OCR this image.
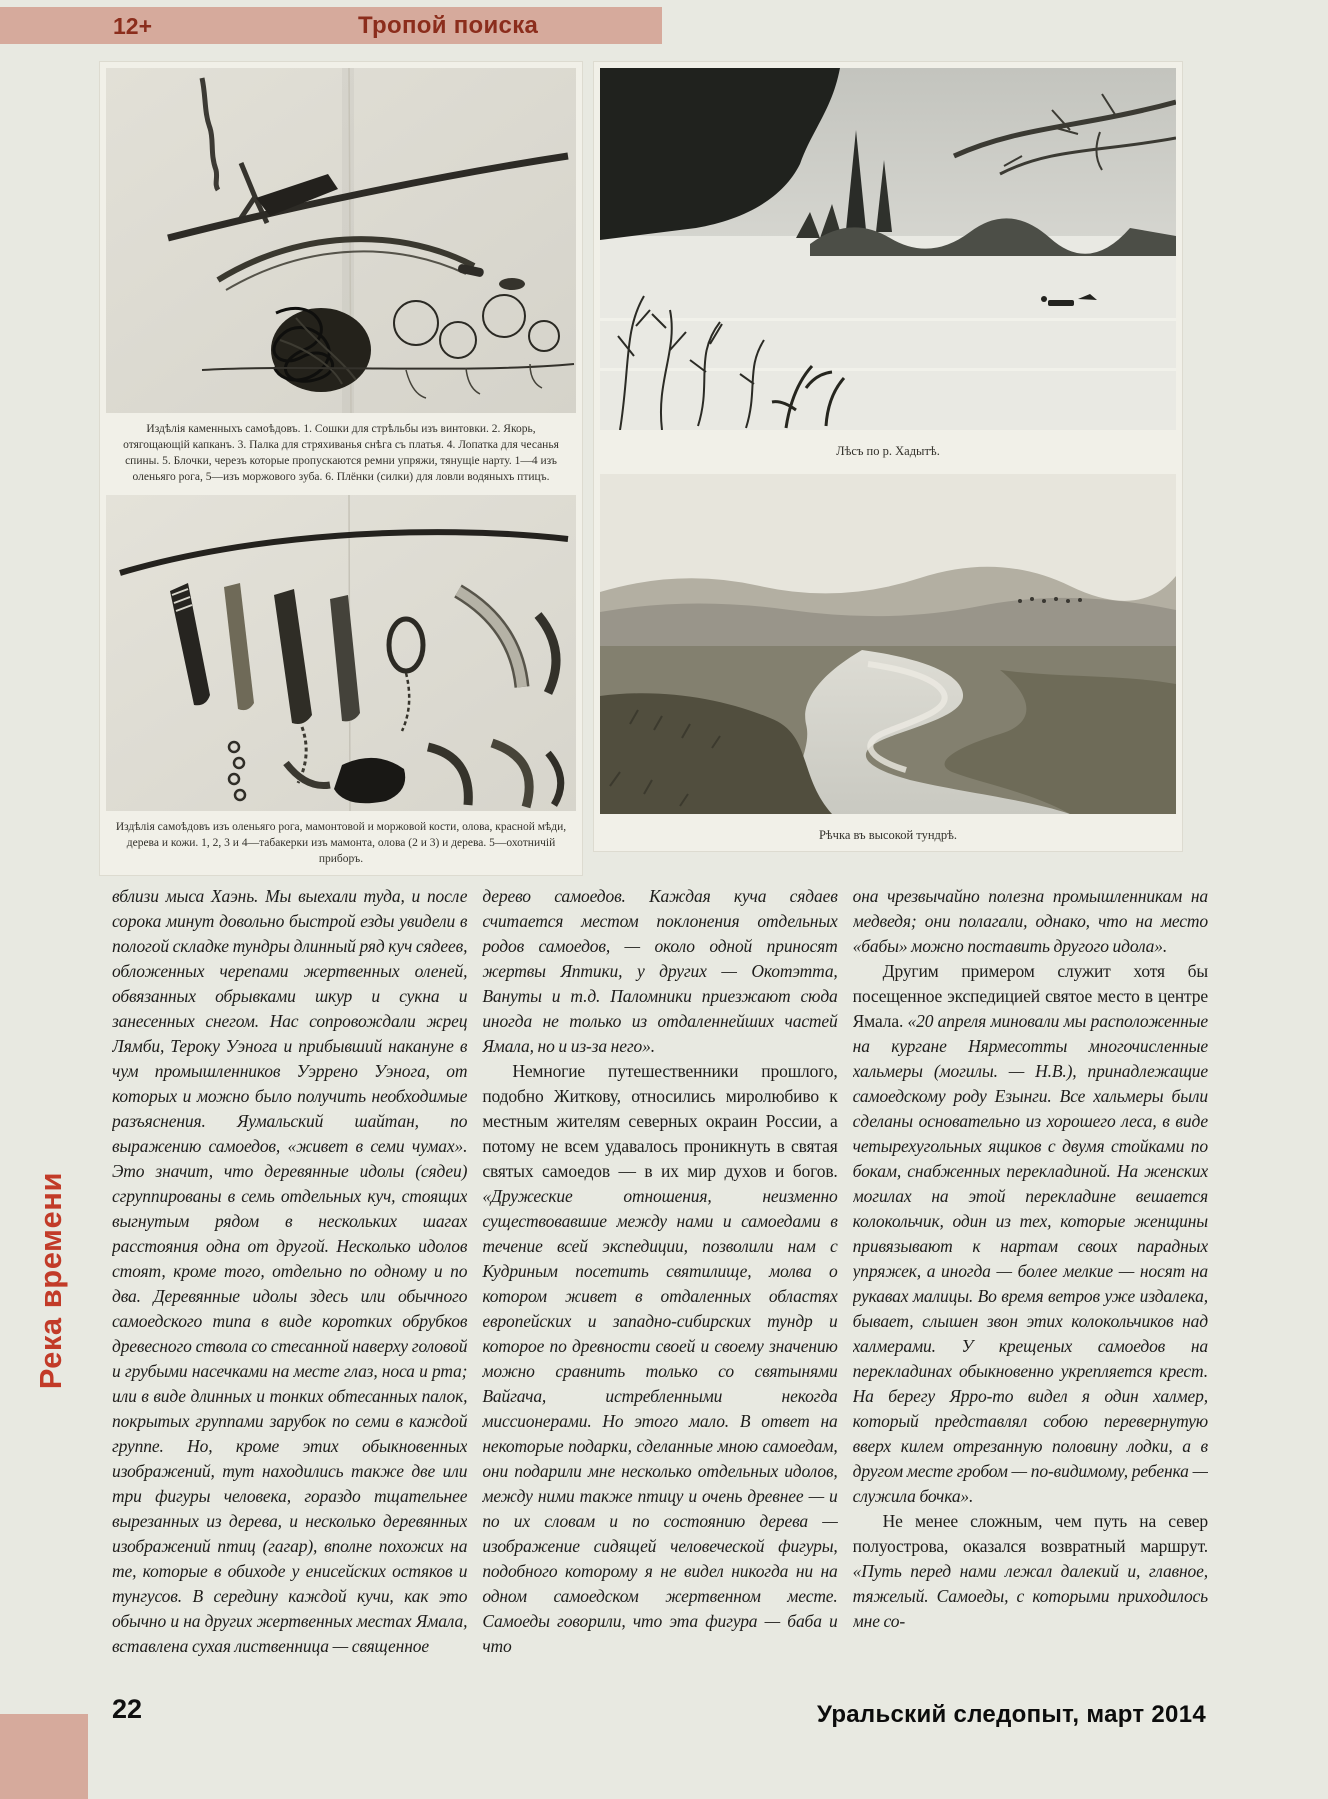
12+	Тропой поиска
Издѣлія каменныхъ самоѣдовъ. 1. Сошки для стрѣльбы изъ винтовки. 2. Якорь, отягощающій капканъ. 3. Палка для стряхиванья снѣга съ платья. 4. Лопатка для чесанья спины. 5. Блочки, черезъ которые пропускаются ремни упряжи, тянущіе нарту. 1—4 изъ оленьяго рога, 5—изъ моржового зуба. 6. Плёнки (силки) для ловли водяныхъ птицъ.
Издѣлія самоѣдовъ изъ оленьяго рога, мамонтовой и моржовой кости, олова, красной мѣди, дерева и кожи. 1, 2, 3 и 4—табакерки изъ мамонта, олова (2 и 3) и дерева. 5—охотничій приборъ.
Лѣсъ по р. Хадытѣ.
Рѣчка въ высокой тундрѣ.
Река времени

вблизи мыса Хаэнь. Мы выехали туда, и после сорока минут довольно быстрой езды увидели в пологой складке тундры длинный ряд куч сядеев, обложенных черепами жертвенных оленей, обвязанных обрывками шкур и сукна и занесенных снегом. Нас сопровождали жрец Лямби, Тероку Уэнога и прибывший накануне в чум промышленников Уэррено Уэнога, от которых и можно было получить необходимые разъяснения. Яумальский шайтан, по выражению самоедов, «живет в семи чумах». Это значит, что деревянные идолы (сядеи) сгруппированы в семь отдельных куч, стоящих выгнутым рядом в нескольких шагах расстояния одна от другой. Несколько идолов стоят, кроме того, отдельно по одному и по два. Деревянные идолы здесь или обычного самоедского типа в виде коротких обрубков древесного ствола со стесанной наверху головой и грубыми насечками на месте глаз, носа и рта; или в виде длинных и тонких обтесанных палок, покрытых группами зарубок по семи в каждой группе. Но, кроме этих обыкновенных изображений, тут находились также две или три фигуры человека, гораздо тщательнее вырезанных из дерева, и несколько деревянных изображений птиц (гагар), вполне похожих на те, которые в обиходе у енисейских остяков и тунгусов. В середину каждой кучи, как это обычно и на других жертвенных местах Ямала, вставлена сухая лиственница — священное

дерево самоедов. Каждая куча сядаев считается местом поклонения отдельных родов самоедов, — около одной приносят жертвы Яптики, у других — Окотэтта, Вануты и т.д. Паломники приезжают сюда иногда не только из отдаленнейших частей Ямала, но и из-за него».

Немногие путешественники прошлого, подобно Житкову, относились миролюбиво к местным жителям северных окраин России, а потому не всем удавалось проникнуть в святая святых самоедов — в их мир духов и богов. «Дружеские отношения, неизменно существовавшие между нами и самоедами в течение всей экспедиции, позволили нам с Кудриным посетить святилище, молва о котором живет в отдаленных областях европейских и западно-сибирских тундр и которое по древности своей и своему значению можно сравнить только со святынями Вайгача, истребленными некогда миссионерами. Но этого мало. В ответ на некоторые подарки, сделанные мною самоедам, они подарили мне несколько отдельных идолов, между ними также птицу и очень древнее — и по их словам и по состоянию дерева — изображение сидящей человеческой фигуры, подобного которому я не видел никогда ни на одном самоедском жертвенном месте. Самоеды говорили, что эта фигура — баба и что

она чрезвычайно полезна промышленникам на медведя; они полагали, однако, что на место «бабы» можно поставить другого идола».

Другим примером служит хотя бы посещенное экспедицией святое место в центре Ямала. «20 апреля миновали мы расположенные на кургане Нярмесотты многочисленные хальмеры (могилы. — Н.В.), принадлежащие самоедскому роду Езынги. Все хальмеры были сделаны основательно из хорошего леса, в виде четырехугольных ящиков с двумя стойками по бокам, снабженных перекладиной. На женских могилах на этой перекладине вешается колокольчик, один из тех, которые женщины привязывают к нартам своих парадных упряжек, а иногда — более мелкие — носят на рукавах малицы. Во время ветров уже издалека, бывает, слышен звон этих колокольчиков над халмерами. У крещеных самоедов на перекладинах обыкновенно укрепляется крест. На берегу Ярро-то видел я один халмер, который представлял собою перевернутую вверх килем отрезанную половину лодки, а в другом месте гробом — по-видимому, ребенка — служила бочка».

Не менее сложным, чем путь на север полуострова, оказался возвратный маршрут. «Путь перед нами лежал далекий и, главное, тяжелый. Самоеды, с которыми приходилось мне со-

22	Уральский следопыт, март 2014
